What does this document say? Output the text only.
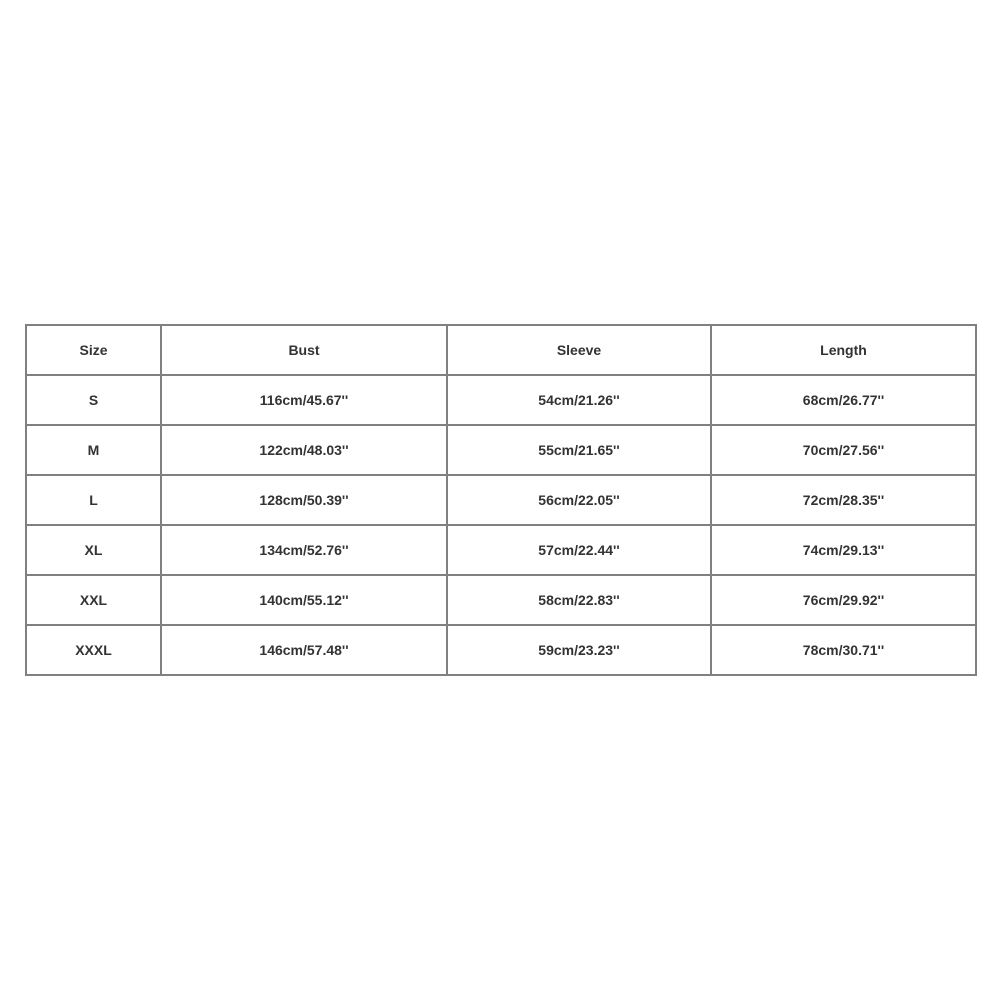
Size	Bust	Sleeve	Length
S	116cm/45.67''	54cm/21.26''	68cm/26.77''
M	122cm/48.03''	55cm/21.65''	70cm/27.56''
L	128cm/50.39''	56cm/22.05''	72cm/28.35''
XL	134cm/52.76''	57cm/22.44''	74cm/29.13''
XXL	140cm/55.12''	58cm/22.83''	76cm/29.92''
XXXL	146cm/57.48''	59cm/23.23''	78cm/30.71''
